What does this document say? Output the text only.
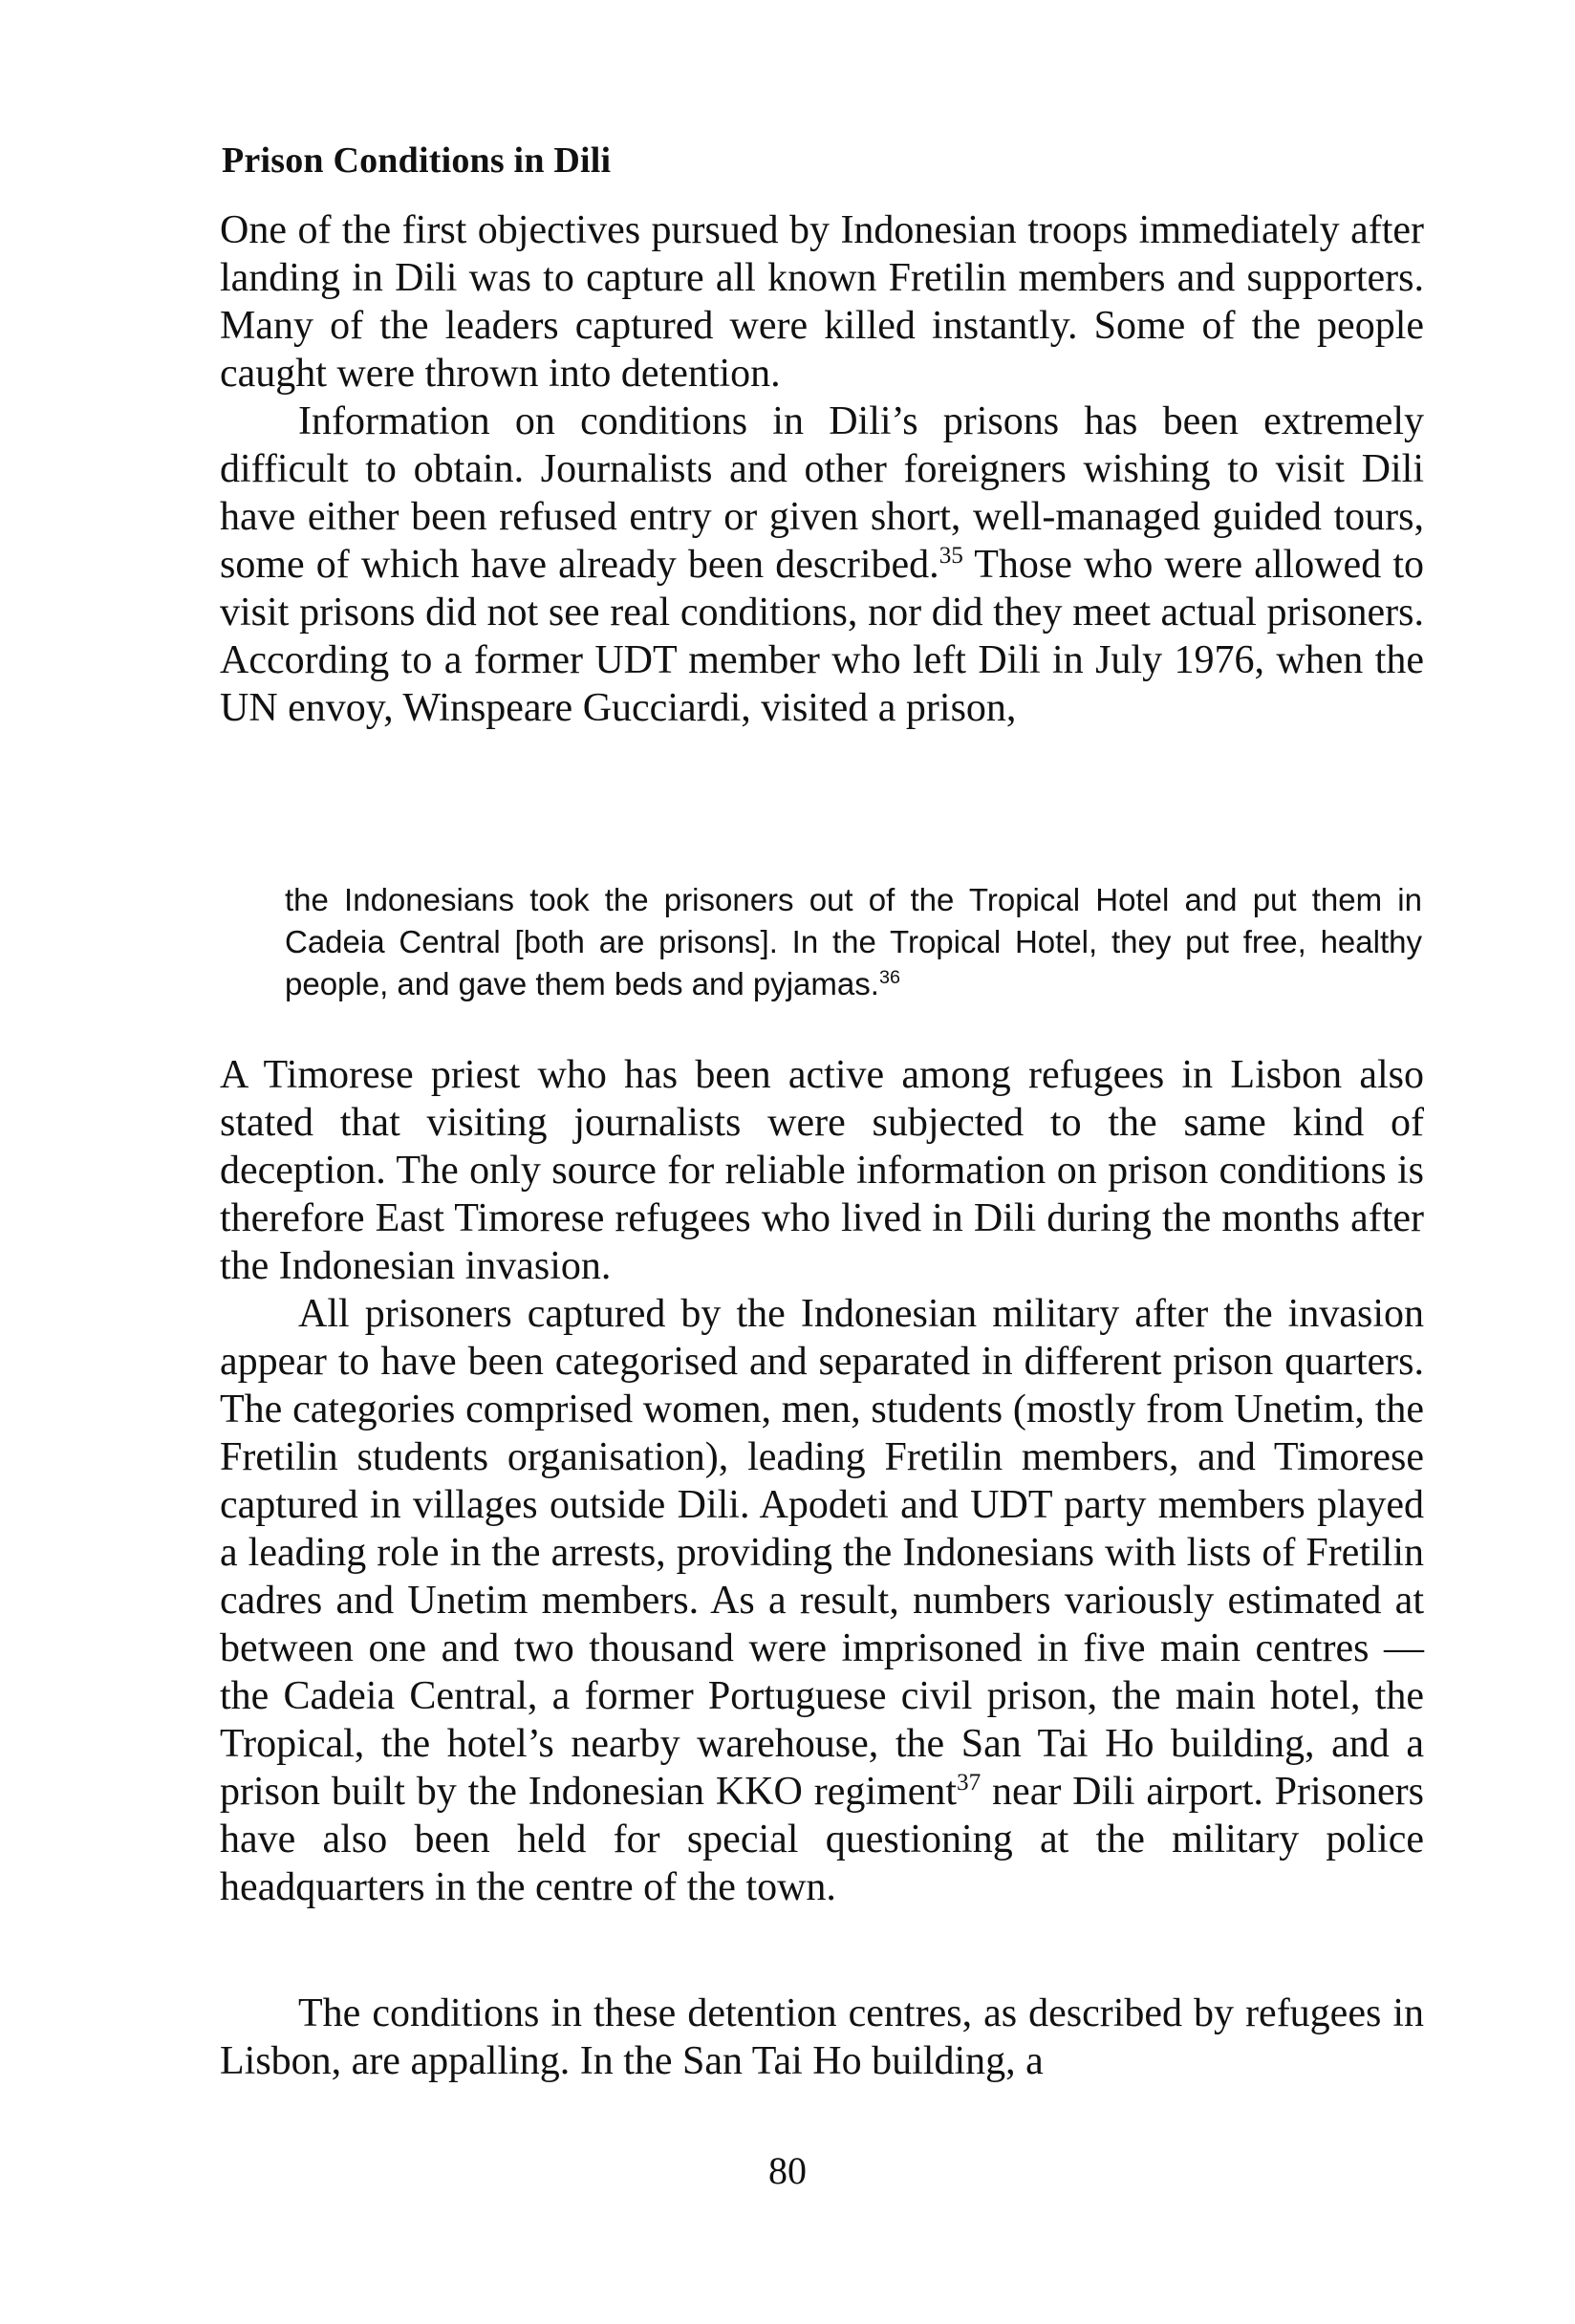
Prison Conditions in Dili

One of the first objectives pursued by Indonesian troops immediately after landing in Dili was to capture all known Fretilin members and supporters. Many of the leaders captured were killed instantly. Some of the people caught were thrown into detention.

Information on conditions in Dili’s prisons has been extremely difficult to obtain. Journalists and other foreigners wishing to visit Dili have either been refused entry or given short, well-managed guided tours, some of which have already been described.$^{35}$ Those who were allowed to visit prisons did not see real conditions, nor did they meet actual prisoners. According to a former UDT member who left Dili in July 1976, when the UN envoy, Winspeare Gucciardi, visited a prison,

the Indonesians took the prisoners out of the Tropical Hotel and put them in Cadeia Central [both are prisons]. In the Tropical Hotel, they put free, healthy people, and gave them beds and pyjamas.$^{36}$

A Timorese priest who has been active among refugees in Lisbon also stated that visiting journalists were subjected to the same kind of deception. The only source for reliable information on prison conditions is therefore East Timorese refugees who lived in Dili during the months after the Indonesian invasion.

All prisoners captured by the Indonesian military after the invasion appear to have been categorised and separated in different prison quarters. The categories comprised women, men, students (mostly from Unetim, the Fretilin students organisation), leading Fretilin members, and Timorese captured in villages outside Dili. Apodeti and UDT party members played a leading role in the arrests, providing the Indonesians with lists of Fretilin cadres and Unetim members. As a result, numbers variously estimated at between one and two thousand were imprisoned in five main centres — the Cadeia Central, a former Portuguese civil prison, the main hotel, the Tropical, the hotel’s nearby warehouse, the San Tai Ho building, and a prison built by the Indonesian KKO regiment$^{37}$ near Dili airport. Prisoners have also been held for special questioning at the military police headquarters in the centre of the town.

The conditions in these detention centres, as described by refugees in Lisbon, are appalling. In the San Tai Ho building, a

80
